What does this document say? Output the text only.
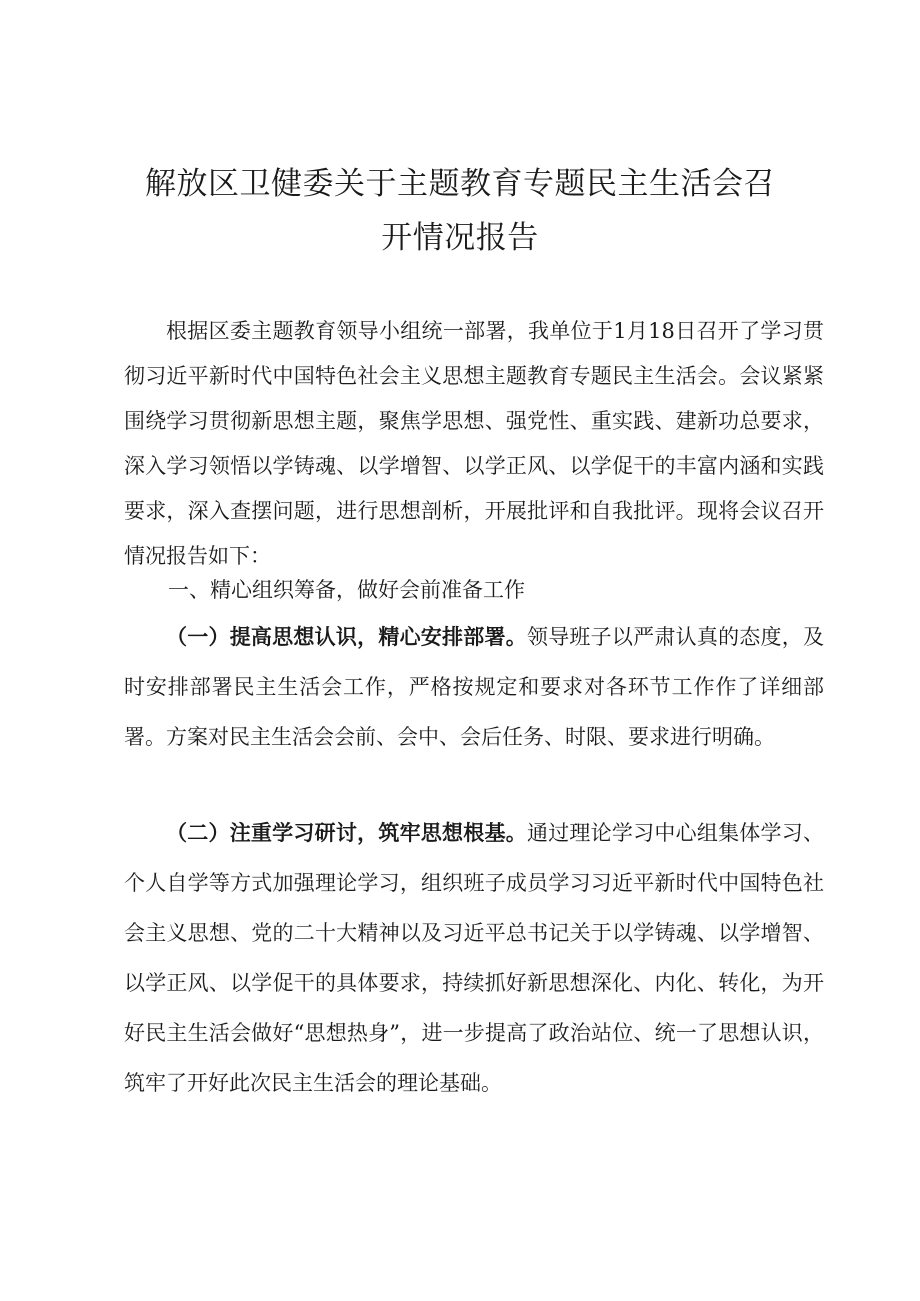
解放区卫健委关于主题教育专题民主生活会召
开情况报告

根据区委主题教育领导小组统一部署，我单位于1月18日召开了学习贯彻习近平新时代中国特色社会主义思想主题教育专题民主生活会。会议紧紧围绕学习贯彻新思想主题，聚焦学思想、强党性、重实践、建新功总要求，深入学习领悟以学铸魂、以学增智、以学正风、以学促干的丰富内涵和实践要求，深入查摆问题，进行思想剖析，开展批评和自我批评。现将会议召开情况报告如下：

一、精心组织筹备，做好会前准备工作

（一）提高思想认识，精心安排部署。领导班子以严肃认真的态度，及时安排部署民主生活会工作，严格按规定和要求对各环节工作作了详细部署。方案对民主生活会会前、会中、会后任务、时限、要求进行明确。

（二）注重学习研讨，筑牢思想根基。通过理论学习中心组集体学习、个人自学等方式加强理论学习，组织班子成员学习习近平新时代中国特色社会主义思想、党的二十大精神以及习近平总书记关于以学铸魂、以学增智、以学正风、以学促干的具体要求，持续抓好新思想深化、内化、转化，为开好民主生活会做好“思想热身”，进一步提高了政治站位、统一了思想认识，筑牢了开好此次民主生活会的理论基础。
